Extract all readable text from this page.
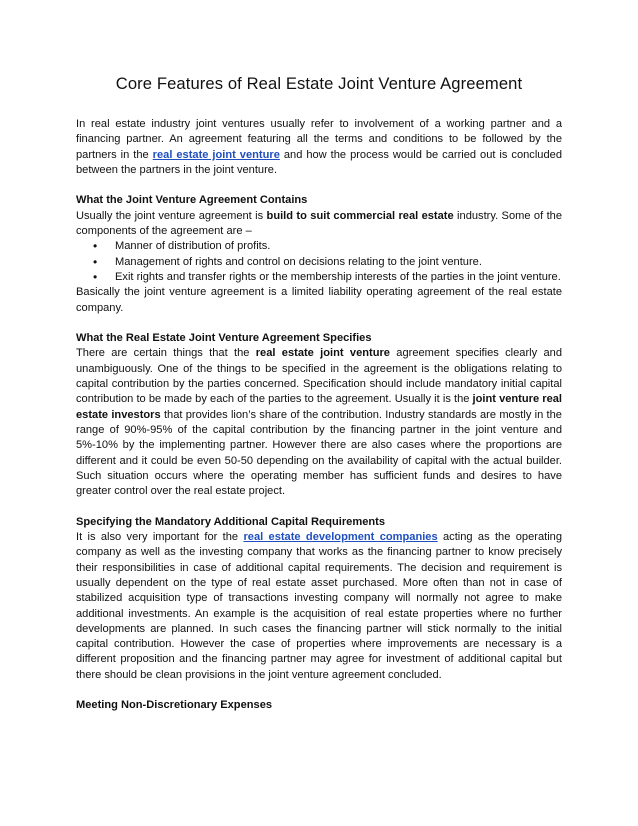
Core Features of Real Estate Joint Venture Agreement

In real estate industry joint ventures usually refer to involvement of a working partner and a financing partner. An agreement featuring all the terms and conditions to be followed by the partners in the real estate joint venture and how the process would be carried out is concluded between the partners in the joint venture.

What the Joint Venture Agreement Contains

Usually the joint venture agreement is build to suit commercial real estate industry. Some of the components of the agreement are –

• Manner of distribution of profits.
• Management of rights and control on decisions relating to the joint venture.
• Exit rights and transfer rights or the membership interests of the parties in the joint venture.

Basically the joint venture agreement is a limited liability operating agreement of the real estate company.

What the Real Estate Joint Venture Agreement Specifies

There are certain things that the real estate joint venture agreement specifies clearly and unambiguously. One of the things to be specified in the agreement is the obligations relating to capital contribution by the parties concerned. Specification should include mandatory initial capital contribution to be made by each of the parties to the agreement. Usually it is the joint venture real estate investors that provides lion’s share of the contribution. Industry standards are mostly in the range of 90%-95% of the capital contribution by the financing partner in the joint venture and 5%-10% by the implementing partner. However there are also cases where the proportions are different and it could be even 50-50 depending on the availability of capital with the actual builder. Such situation occurs where the operating member has sufficient funds and desires to have greater control over the real estate project.

Specifying the Mandatory Additional Capital Requirements

It is also very important for the real estate development companies acting as the operating company as well as the investing company that works as the financing partner to know precisely their responsibilities in case of additional capital requirements. The decision and requirement is usually dependent on the type of real estate asset purchased. More often than not in case of stabilized acquisition type of transactions investing company will normally not agree to make additional investments. An example is the acquisition of real estate properties where no further developments are planned. In such cases the financing partner will stick normally to the initial capital contribution. However the case of properties where improvements are necessary is a different proposition and the financing partner may agree for investment of additional capital but there should be clean provisions in the joint venture agreement concluded.

Meeting Non-Discretionary Expenses
